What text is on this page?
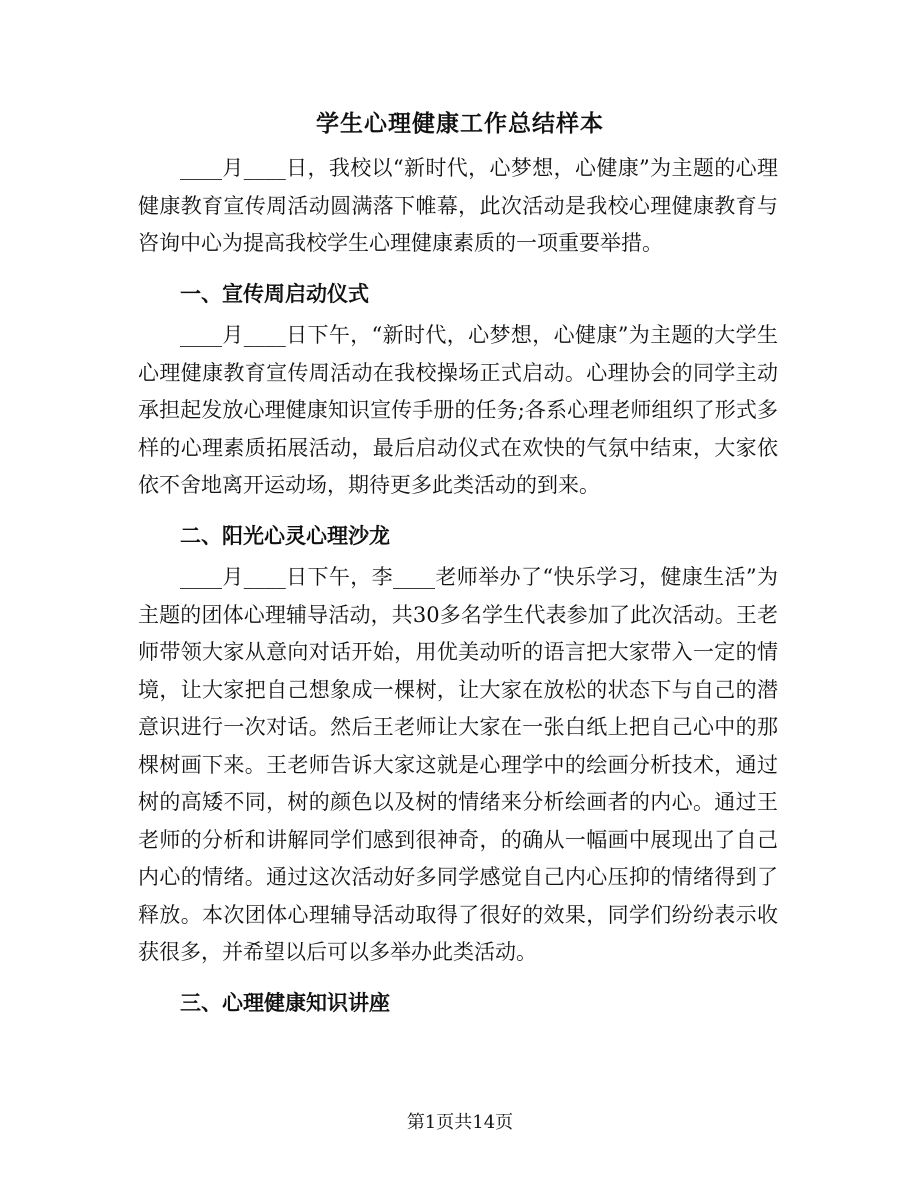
学生心理健康工作总结样本

____月____日，我校以“新时代，心梦想，心健康”为主题的心理健康教育宣传周活动圆满落下帷幕，此次活动是我校心理健康教育与咨询中心为提高我校学生心理健康素质的一项重要举措。

一、宣传周启动仪式

____月____日下午，“新时代，心梦想，心健康”为主题的大学生心理健康教育宣传周活动在我校操场正式启动。心理协会的同学主动承担起发放心理健康知识宣传手册的任务;各系心理老师组织了形式多样的心理素质拓展活动，最后启动仪式在欢快的气氛中结束，大家依依不舍地离开运动场，期待更多此类活动的到来。

二、阳光心灵心理沙龙

____月____日下午，李____老师举办了“快乐学习，健康生活”为主题的团体心理辅导活动，共30多名学生代表参加了此次活动。王老师带领大家从意向对话开始，用优美动听的语言把大家带入一定的情境，让大家把自己想象成一棵树，让大家在放松的状态下与自己的潜意识进行一次对话。然后王老师让大家在一张白纸上把自己心中的那棵树画下来。王老师告诉大家这就是心理学中的绘画分析技术，通过树的高矮不同，树的颜色以及树的情绪来分析绘画者的内心。通过王老师的分析和讲解同学们感到很神奇，的确从一幅画中展现出了自己内心的情绪。通过这次活动好多同学感觉自己内心压抑的情绪得到了释放。本次团体心理辅导活动取得了很好的效果，同学们纷纷表示收获很多，并希望以后可以多举办此类活动。

三、心理健康知识讲座
第1页共14页
